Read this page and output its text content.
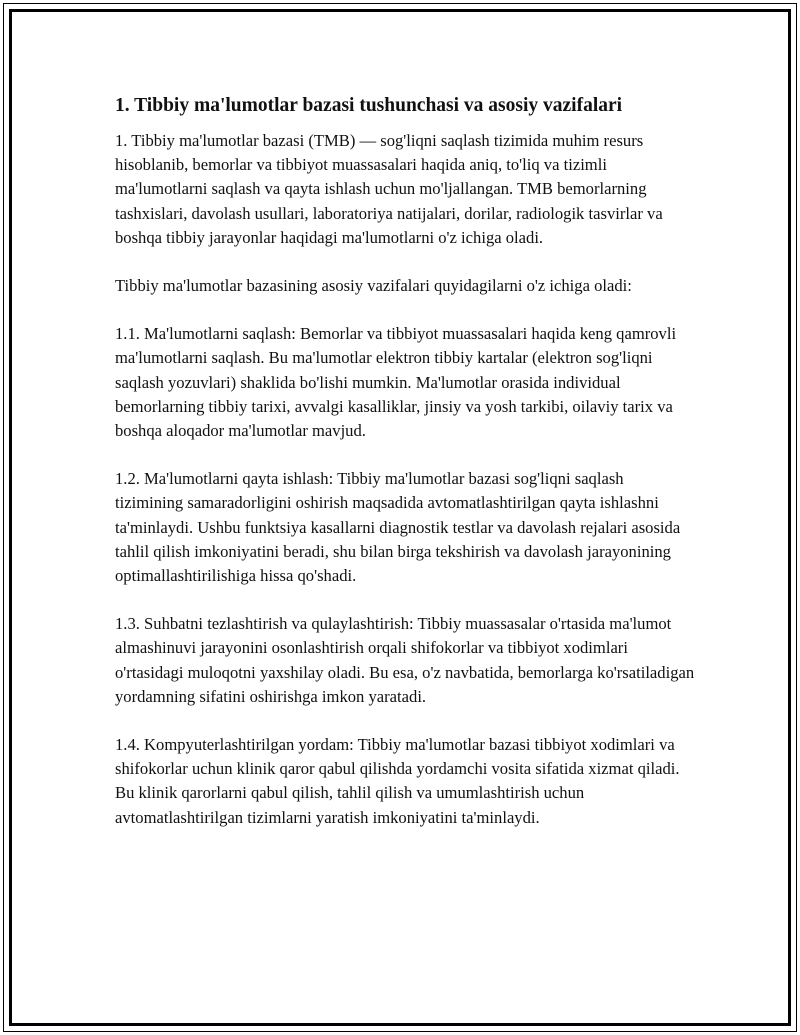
1. Tibbiy ma'lumotlar bazasi tushunchasi va asosiy vazifalari

1. Tibbiy ma'lumotlar bazasi (TMB) — sog'liqni saqlash tizimida muhim resurs hisoblanib, bemorlar va tibbiyot muassasalari haqida aniq, to'liq va tizimli ma'lumotlarni saqlash va qayta ishlash uchun mo'ljallangan. TMB bemorlarning tashxislari, davolash usullari, laboratoriya natijalari, dorilar, radiologik tasvirlar va boshqa tibbiy jarayonlar haqidagi ma'lumotlarni o'z ichiga oladi.

Tibbiy ma'lumotlar bazasining asosiy vazifalari quyidagilarni o'z ichiga oladi:

1.1. Ma'lumotlarni saqlash: Bemorlar va tibbiyot muassasalari haqida keng qamrovli ma'lumotlarni saqlash. Bu ma'lumotlar elektron tibbiy kartalar (elektron sog'liqni saqlash yozuvlari) shaklida bo'lishi mumkin. Ma'lumotlar orasida individual bemorlarning tibbiy tarixi, avvalgi kasalliklar, jinsiy va yosh tarkibi, oilaviy tarix va boshqa aloqador ma'lumotlar mavjud.

1.2. Ma'lumotlarni qayta ishlash: Tibbiy ma'lumotlar bazasi sog'liqni saqlash tizimining samaradorligini oshirish maqsadida avtomatlashtirilgan qayta ishlashni ta'minlaydi. Ushbu funktsiya kasallarni diagnostik testlar va davolash rejalari asosida tahlil qilish imkoniyatini beradi, shu bilan birga tekshirish va davolash jarayonining optimallashtirilishiga hissa qo'shadi.

1.3. Suhbatni tezlashtirish va qulaylashtirish: Tibbiy muassasalar o'rtasida ma'lumot almashinuvi jarayonini osonlashtirish orqali shifokorlar va tibbiyot xodimlari o'rtasidagi muloqotni yaxshilay oladi. Bu esa, o'z navbatida, bemorlarga ko'rsatiladigan yordamning sifatini oshirishga imkon yaratadi.

1.4. Kompyuterlashtirilgan yordam: Tibbiy ma'lumotlar bazasi tibbiyot xodimlari va shifokorlar uchun klinik qaror qabul qilishda yordamchi vosita sifatida xizmat qiladi. Bu klinik qarorlarni qabul qilish, tahlil qilish va umumlashtirish uchun avtomatlashtirilgan tizimlarni yaratish imkoniyatini ta'minlaydi.
